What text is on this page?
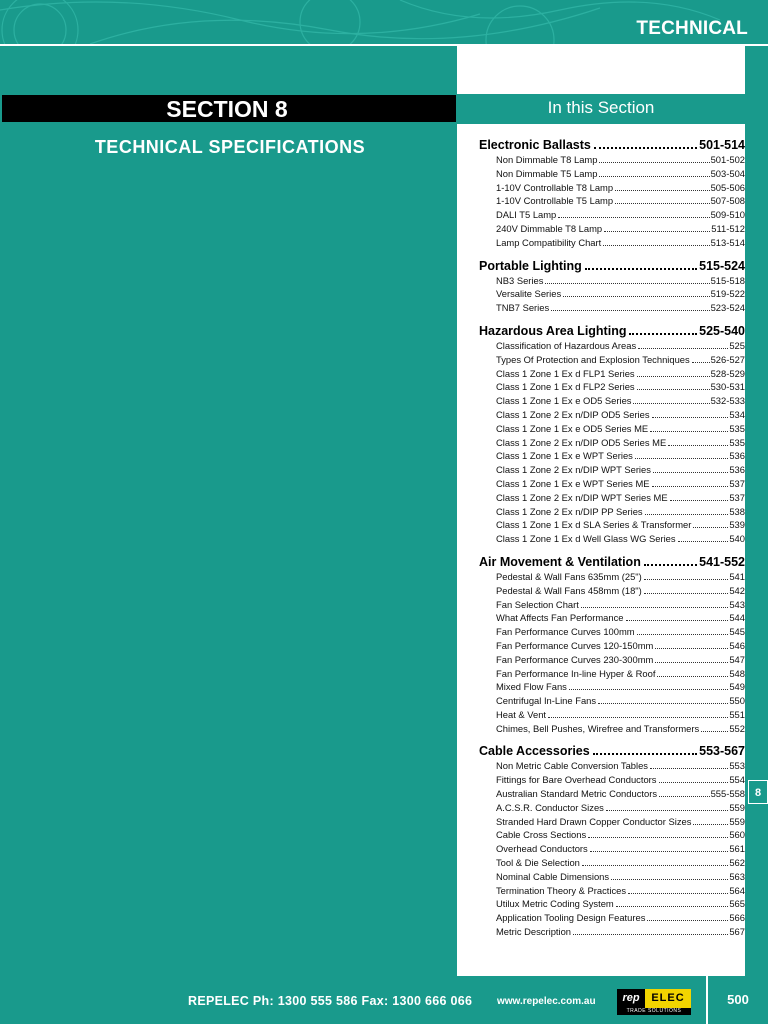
TECHNICAL
SECTION 8
TECHNICAL SPECIFICATIONS
In this Section
Electronic Ballasts	501-514
Non Dimmable T8 Lamp	501-502
Non Dimmable T5 Lamp	503-504
1-10V Controllable T8 Lamp	505-506
1-10V Controllable T5 Lamp	507-508
DALI T5 Lamp	509-510
240V Dimmable T8 Lamp	511-512
Lamp Compatibility Chart	513-514
Portable Lighting	515-524
NB3 Series	515-518
Versalite Series	519-522
TNB7 Series	523-524
Hazardous Area Lighting	525-540
Classification of Hazardous Areas	525
Types Of Protection and Explosion Techniques 526-527
Class 1 Zone 1 Ex d FLP1 Series	528-529
Class 1 Zone 1 Ex d FLP2 Series	530-531
Class 1 Zone 1 Ex e OD5 Series	532-533
Class 1 Zone 2 Ex n/DIP OD5 Series	534
Class 1 Zone 1 Ex e OD5 Series ME	535
Class 1 Zone 2 Ex n/DIP OD5 Series ME	535
Class 1 Zone 1 Ex e WPT Series	536
Class 1 Zone 2 Ex n/DIP WPT Series	536
Class 1 Zone 1 Ex e WPT Series ME	537
Class 1 Zone 2 Ex n/DIP WPT Series ME	537
Class 1 Zone 2 Ex n/DIP PP Series	538
Class 1 Zone 1 Ex d SLA Series & Transformer	539
Class 1 Zone 1 Ex d Well Glass WG Series	540
Air Movement & Ventilation	541-552
Pedestal & Wall Fans 635mm (25")	541
Pedestal & Wall Fans 458mm (18")	542
Fan Selection Chart	543
What Affects Fan Performance	544
Fan Performance Curves 100mm	545
Fan Performance Curves 120-150mm	546
Fan Performance Curves 230-300mm	547
Fan Performance In-line Hyper & Roof	548
Mixed Flow Fans	549
Centrifugal In-Line Fans	550
Heat & Vent	551
Chimes, Bell Pushes, Wirefree and Transformers	552
Cable Accessories	553-567
Non Metric Cable Conversion Tables	553
Fittings for Bare Overhead Conductors	554
Australian Standard Metric Conductors	555-558
A.C.S.R. Conductor Sizes	559
Stranded Hard Drawn Copper Conductor Sizes	559
Cable Cross Sections	560
Overhead Conductors	561
Tool & Die Selection	562
Nominal Cable Dimensions	563
Termination Theory & Practices	564
Utilux Metric Coding System	565
Application Tooling Design Features	566
Metric Description	567
8
REPELEC Ph: 1300 555 586 Fax: 1300 666 066 www.repelec.com.au	rep	ELEC
TRADE SOLUTIONS
500
